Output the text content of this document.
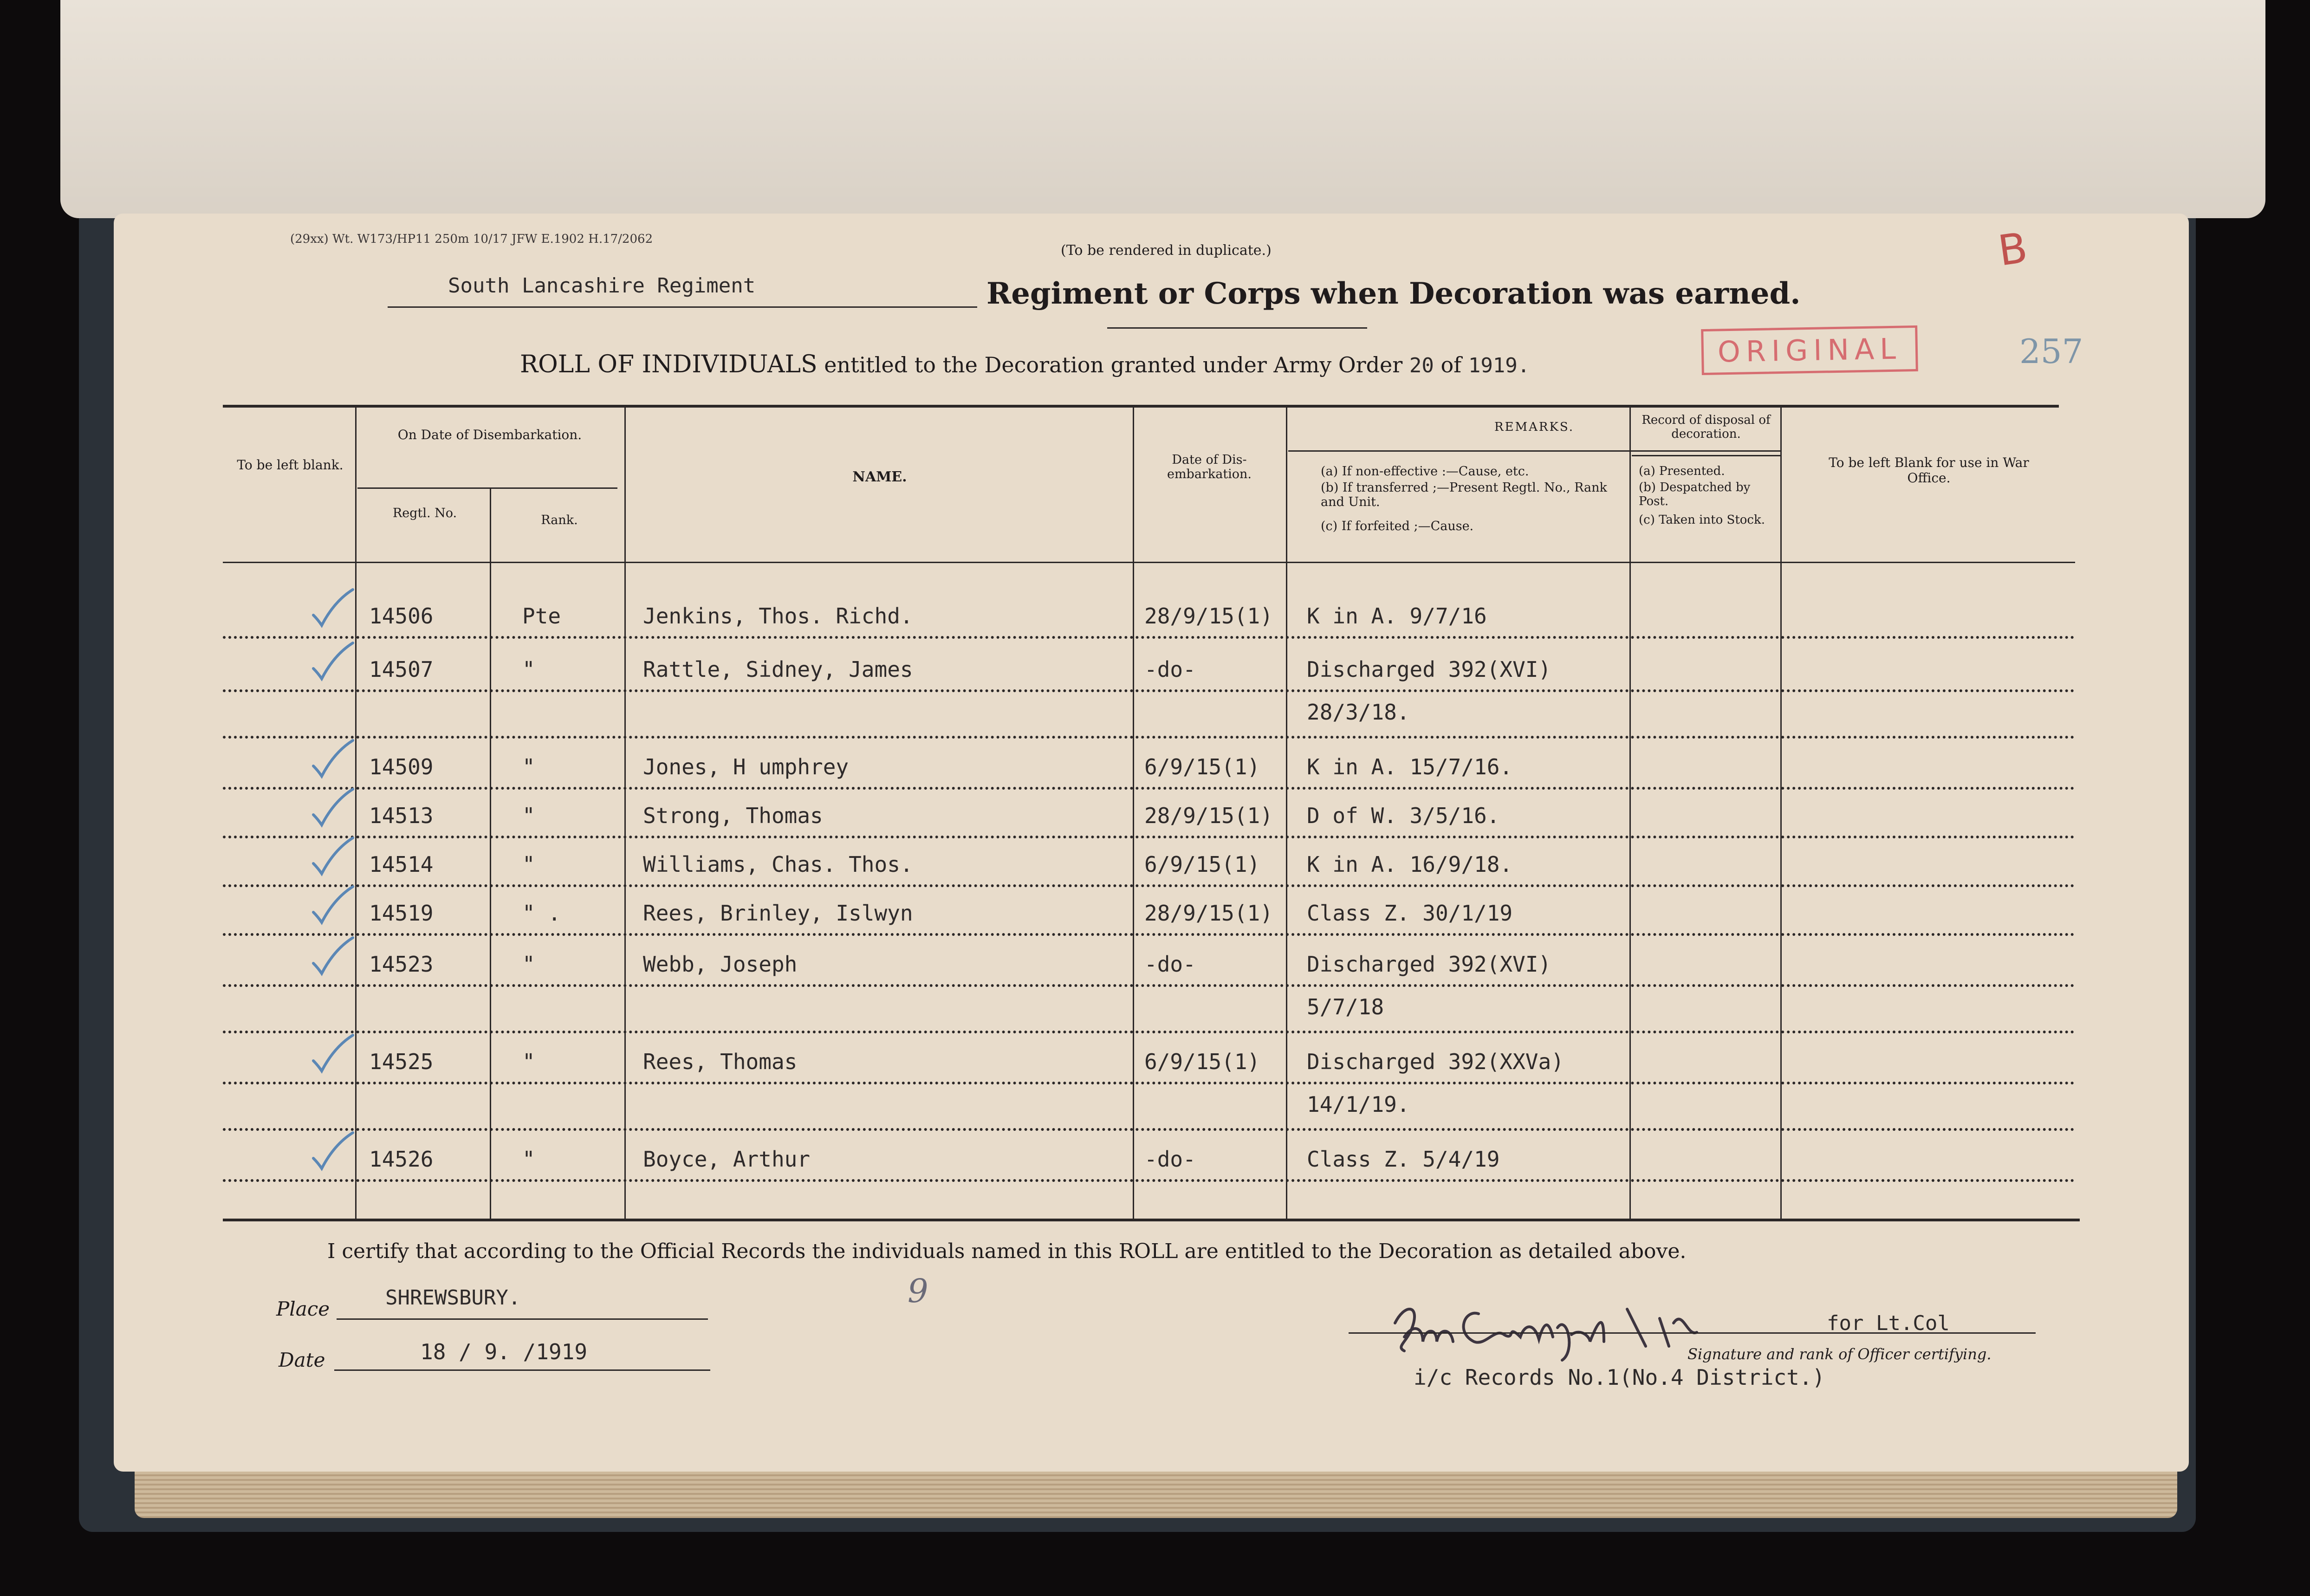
(29xx) Wt. W173/HP11 250m 10/17 JFW E.1902 H.17/2062
(To be rendered in duplicate.)	B
257
South Lancashire Regiment	Regiment or Corps when Decoration was earned.
ROLL OF INDIVIDUALS entitled to the Decoration granted under Army Order 20 of 1919.	ORIGINAL
To be left blank.
On Date of Disembarkation.
Regtl. No.	Rank.
NAME.
Date of Dis- embarkation.
REMARKS.
(a) If non-effective :—Cause, etc.
(b) If transferred ;—Present Regtl. No., Rank and Unit.
(c) If forfeited ;—Cause.
Record of disposal of decoration.
(a) Presented.
(b) Despatched by Post.
(c) Taken into Stock.
To be left Blank for use in War Office.
14506	Pte	Jenkins, Thos. Richd.	28/9/15(1) K in A. 9/7/16
14507	"	Rattle, Sidney, James	-do-	Discharged 392(XVI)
28/3/18.
14509	"	Jones, H umphrey	6/9/15(1) K in A. 15/7/16.
14513	"	Strong, Thomas	28/9/15(1) D of W. 3/5/16.
14514	"	Williams, Chas. Thos.	6/9/15(1) K in A. 16/9/18.
14519	" .	Rees, Brinley, Islwyn	28/9/15(1) Class Z. 30/1/19
14523	"	Webb, Joseph	-do-	Discharged 392(XVI)
5/7/18
14525	"	Rees, Thomas	6/9/15(1) Discharged 392(XXVa)
14/1/19.
14526	"	Boyce, Arthur	-do-	Class Z. 5/4/19
I certify that according to the Official Records the individuals named in this ROLL are entitled to the Decoration as detailed above.
Place	SHREWSBURY.
Date	18 / 9. /1919
9
for Lt.Col
Signature and rank of Officer certifying.
i/c Records No.1(No.4 District.)
